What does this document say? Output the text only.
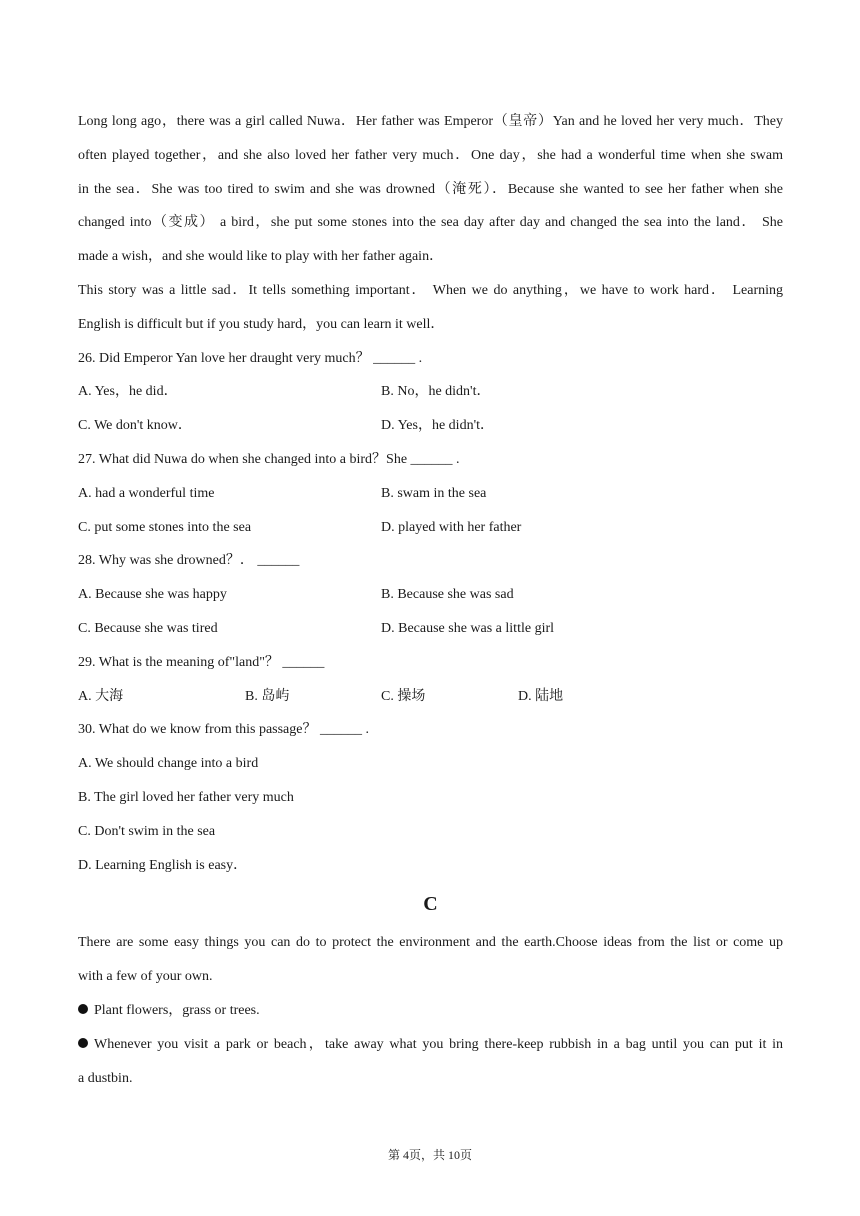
Long long ago，there was a girl called Nuwa．Her father was Emperor（皇帝）Yan and he loved her very much．They
often played together，and she also loved her father very much．One day，she had a wonderful time when she swam
in the sea．She was too tired to swim and she was drowned（淹死）．Because she wanted to see her father when she
changed into（变成） a bird，she put some stones into the sea day after day and changed the sea into the land． She
made a wish，and she would like to play with her father again．
This story was a little sad．It tells something important． When we do anything，we have to work hard． Learning
English is difficult but if you study hard，you can learn it well．
26. Did Emperor Yan love her draught very much？ ______ .
A. Yes，he did．	B. No，he didn't．
C. We don't know．	D. Yes，he didn't．
27. What did Nuwa do when she changed into a bird？She ______ .
A. had a wonderful time	B. swam in the sea
C. put some stones into the sea	D. played with her father
28. Why was she drowned？． ______
A. Because she was happy	B. Because she was sad
C. Because she was tired	D. Because she was a little girl
29. What is the meaning of"land"？ ______
A. 大海	B. 岛屿	C. 操场	D. 陆地
30. What do we know from this passage？ ______ .
A. We should change into a bird
B. The girl loved her father very much
C. Don't swim in the sea
D. Learning English is easy．
C
There are some easy things you can do to protect the environment and the earth.Choose ideas from the list or come up
with a few of your own.
Plant flowers，grass or trees.
Whenever you visit a park or beach，take away what you bring there-keep rubbish in a bag until you can put it in
a dustbin.
第 4页，共 10页
